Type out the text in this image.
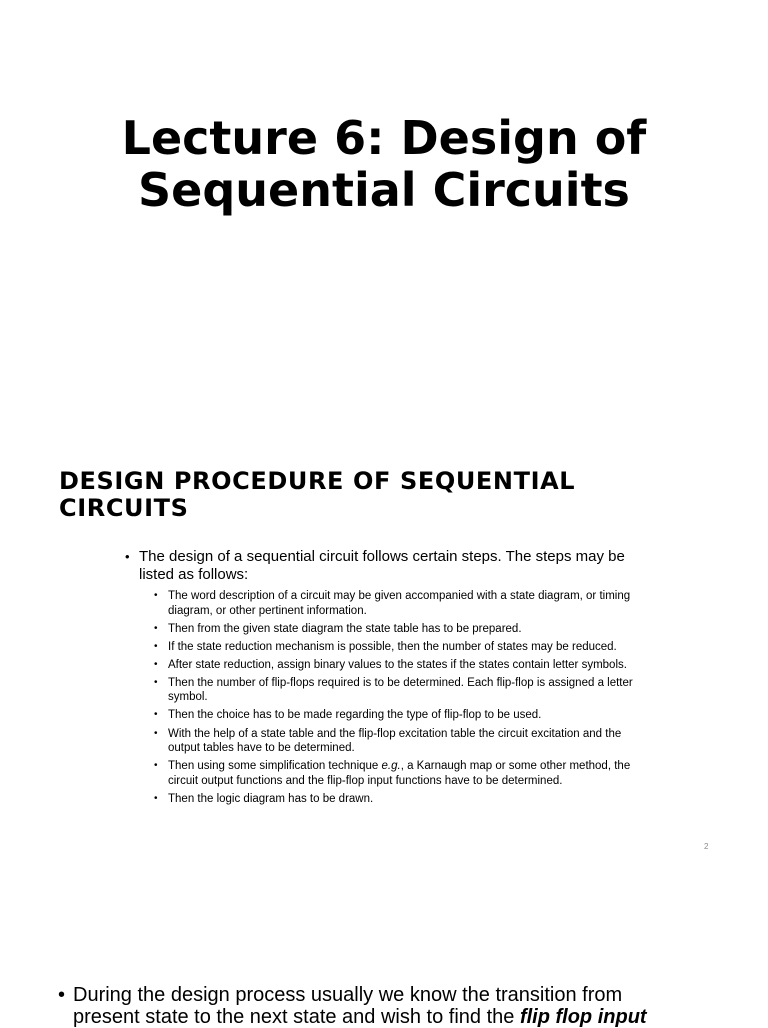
Lecture 6: Design of
Sequential Circuits
DESIGN PROCEDURE OF SEQUENTIAL
CIRCUITS
• The design of a sequential circuit follows certain steps. The steps may be listed as follows:
• The word description of a circuit may be given accompanied with a state diagram, or timing diagram, or other pertinent information.
• Then from the given state diagram the state table has to be prepared.
• If the state reduction mechanism is possible, then the number of states may be reduced.
• After state reduction, assign binary values to the states if the states contain letter symbols.
• Then the number of flip-flops required is to be determined. Each flip-flop is assigned a letter symbol.
• Then the choice has to be made regarding the type of flip-flop to be used.
• With the help of a state table and the flip-flop excitation table the circuit excitation and the output tables have to be determined.
• Then using some simplification technique e.g., a Karnaugh map or some other method, the circuit output functions and the flip-flop input functions have to be determined.
• Then the logic diagram has to be drawn.
2
• During the design process usually we know the transition from present state to the next state and wish to find the flip flop input
